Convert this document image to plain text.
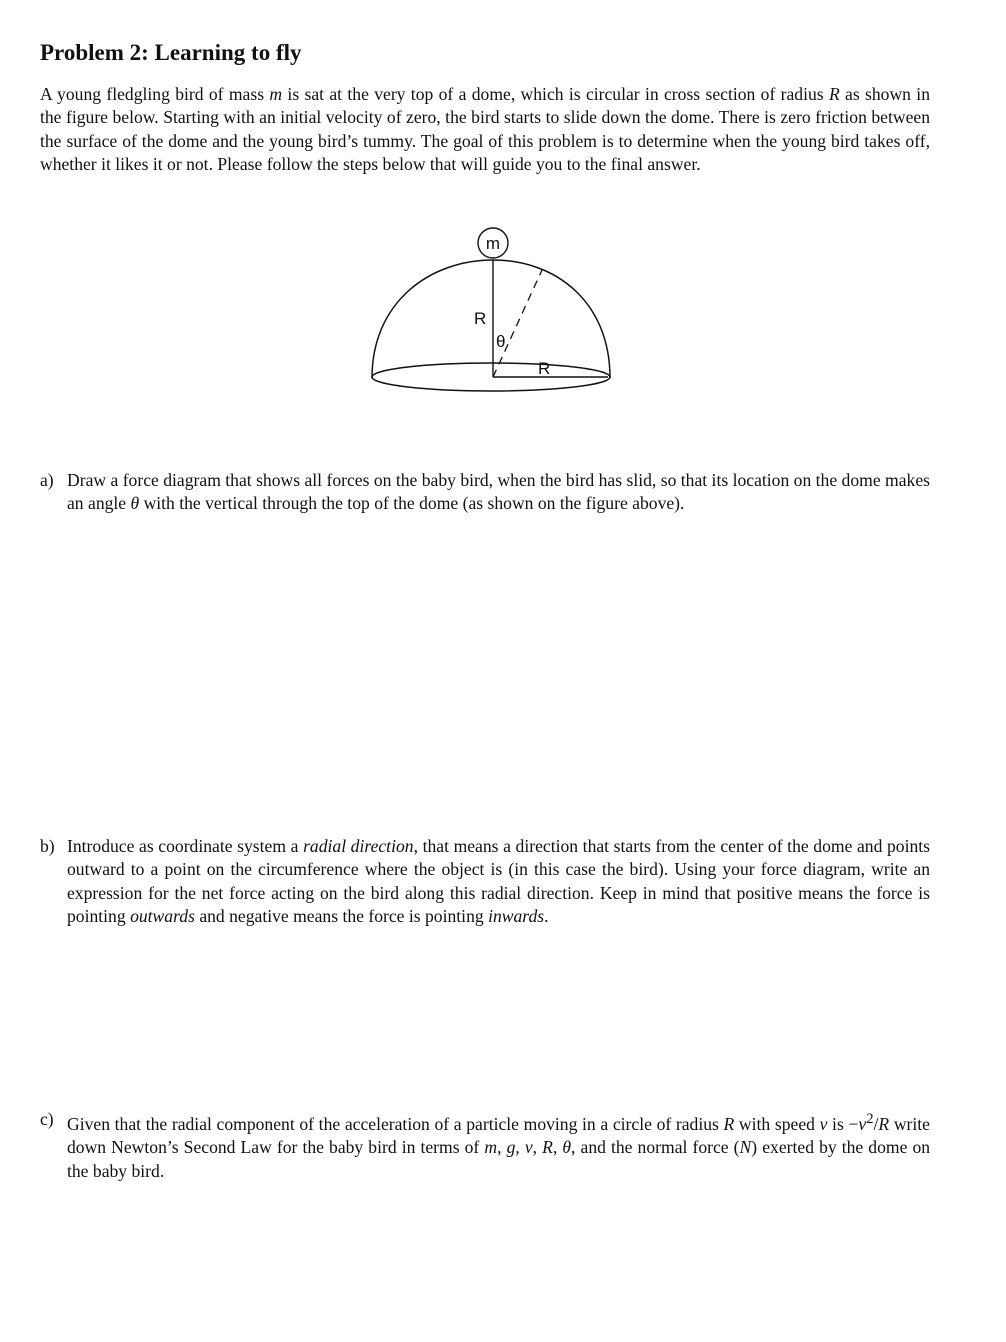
Problem 2: Learning to fly

A young fledgling bird of mass m is sat at the very top of a dome, which is circular in cross section of radius R as shown in the figure below. Starting with an initial velocity of zero, the bird starts to slide down the dome. There is zero friction between the surface of the dome and the young bird’s tummy. The goal of this problem is to determine when the young bird takes off, whether it likes it or not. Please follow the steps below that will guide you to the final answer.

m
R
θ
R
a) Draw a force diagram that shows all forces on the baby bird, when the bird has slid, so that its location on the dome makes an angle θ with the vertical through the top of the dome (as shown on the figure above).
b) Introduce as coordinate system a radial direction, that means a direction that starts from the center of the dome and points outward to a point on the circumference where the object is (in this case the bird). Using your force diagram, write an expression for the net force acting on the bird along this radial direction. Keep in mind that positive means the force is pointing outwards and negative means the force is pointing inwards.
c) Given that the radial component of the acceleration of a particle moving in a circle of radius R with speed v is $-v^2/R$ write down Newton’s Second Law for the baby bird in terms of m, g, v, R, θ, and the normal force (N) exerted by the dome on the baby bird.
